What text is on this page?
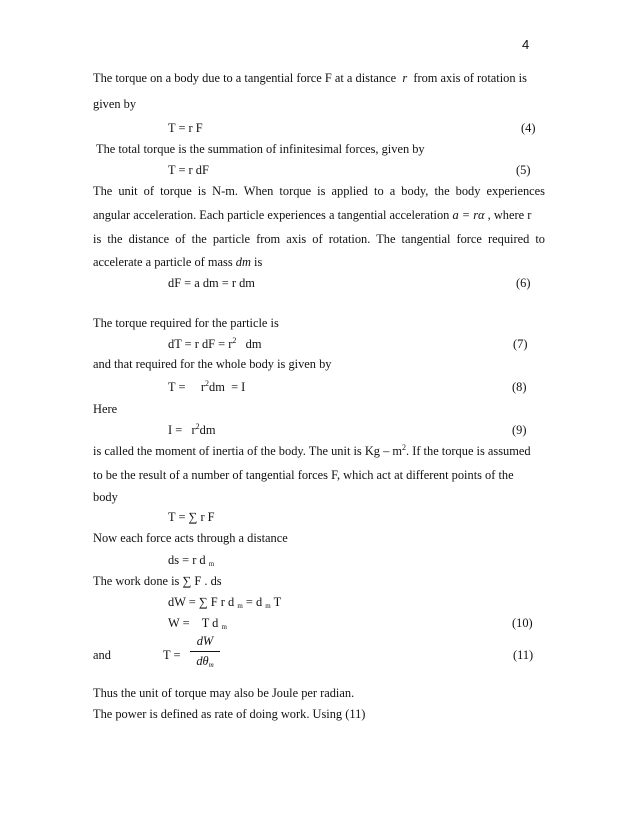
4
The torque on a body due to a tangential force F at a distance r from axis of rotation is
given by
T = r F	(4)
The total torque is the summation of infinitesimal forces, given by
T = r dF	(5)
The unit of torque is N-m. When torque is applied to a body, the body experiences
angular acceleration. Each particle experiences a tangential acceleration a = rα , where r
is the distance of the particle from axis of rotation. The tangential force required to
accelerate a particle of mass dm is
dF = a dm = r dm	(6)
The torque required for the particle is
dT = r dF = $r^2$   dm	(7)
and that required for the whole body is given by
T =     $r^2dm = I$	(8)
Here
$I = r^2dm$	(9)
is called the moment of inertia of the body. The unit is Kg – $m^2$. If the torque is assumed
to be the result of a number of tangential forces F, which act at different points of the
body
T = ∑ r F
Now each force acts through a distance
ds = r d $_m$
The work done is ∑ F . ds
dW = ∑ F r d $_m$ = d $_m$ T
W =    T d $_m$	(10)
and	T =
dW
$d\theta_m$
(11)
Thus the unit of torque may also be Joule per radian.
The power is defined as rate of doing work. Using (11)
